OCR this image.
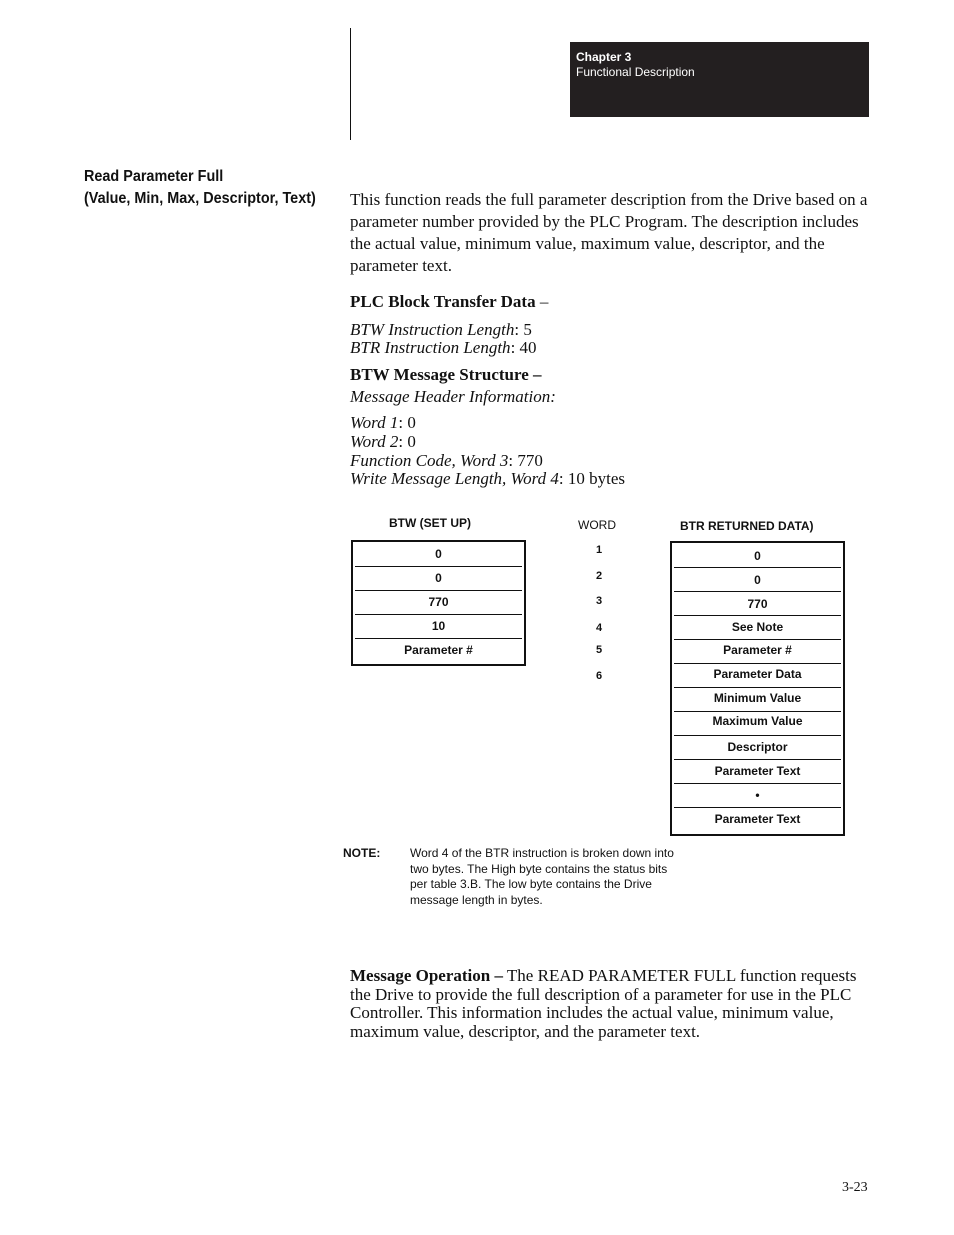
Chapter 3
Functional Description
Read Parameter Full
(Value, Min, Max, Descriptor, Text) This function reads the full parameter description from the Drive based on a parameter number provided by the PLC Program. The description includes the actual value, minimum value, maximum value, descriptor, and the parameter text.
PLC Block Transfer Data –
BTW Instruction Length: 5
BTR Instruction Length: 40
BTW Message Structure –
Message Header Information:
Word 1: 0
Word 2: 0
Function Code, Word 3: 770
Write Message Length, Word 4: 10 bytes
BTW (SET UP)	WORD	BTR RETURNED DATA)
1
2
3
4
5
6
0
0
770
10
Parameter #
0
0
770
See Note
Parameter #
Parameter Data
Minimum Value
Maximum Value
Descriptor
Parameter Text
•
Parameter Text
NOTE: Word 4 of the BTR instruction is broken down into
two bytes. The High byte contains the status bits
per table 3.B. The low byte contains the Drive
message length in bytes.
Message Operation – The READ PARAMETER FULL function requests
the Drive to provide the full description of a parameter for use in the PLC
Controller. This information includes the actual value, minimum value,
maximum value, descriptor, and the parameter text.
3-23
